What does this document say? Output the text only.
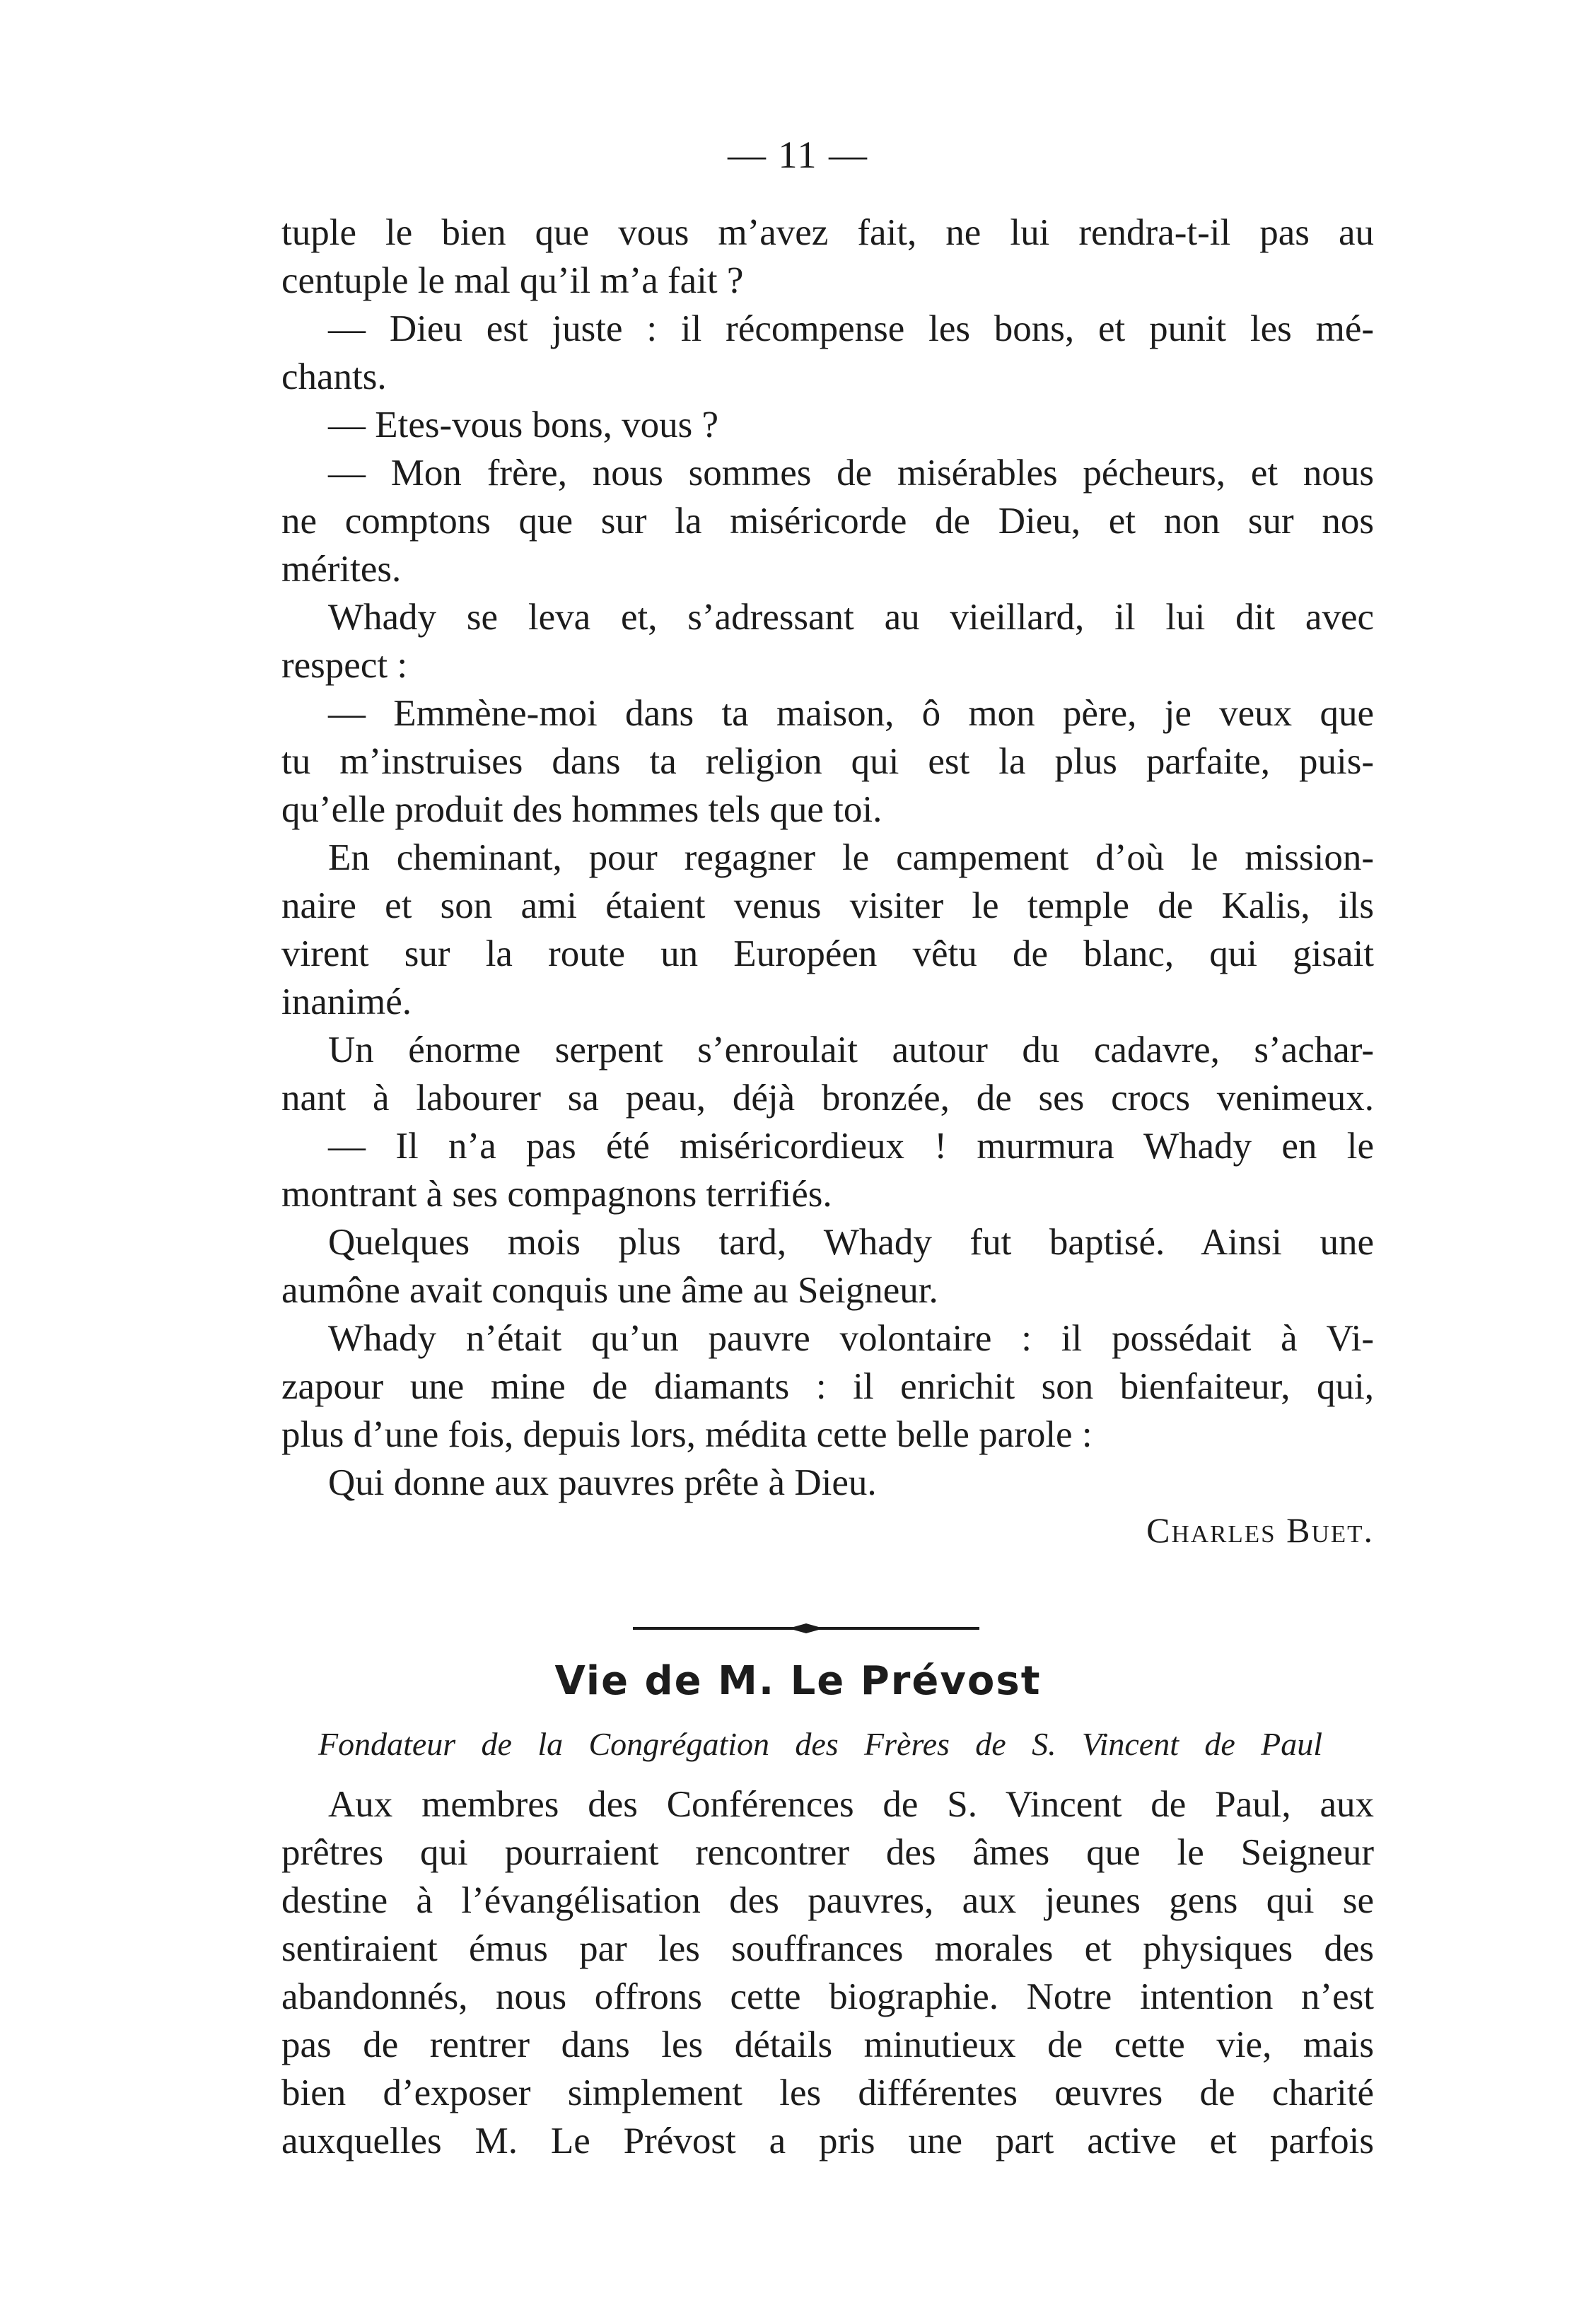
— 11 —
tuple le bien que vous m’avez fait, ne lui rendra-t-il pas au
centuple le mal qu’il m’a fait ?
— Dieu est juste : il récompense les bons, et punit les mé-
chants.
— Etes-vous bons, vous ?
— Mon frère, nous sommes de misérables pécheurs, et nous
ne comptons que sur la miséricorde de Dieu, et non sur nos
mérites.
Whady se leva et, s’adressant au vieillard, il lui dit avec
respect :
— Emmène-moi dans ta maison, ô mon père, je veux que
tu m’instruises dans ta religion qui est la plus parfaite, puis-
qu’elle produit des hommes tels que toi.
En cheminant, pour regagner le campement d’où le mission-
naire et son ami étaient venus visiter le temple de Kalis, ils
virent sur la route un Européen vêtu de blanc, qui gisait
inanimé.
Un énorme serpent s’enroulait autour du cadavre, s’achar-
nant à labourer sa peau, déjà bronzée, de ses crocs venimeux.
— Il n’a pas été miséricordieux ! murmura Whady en le
montrant à ses compagnons terrifiés.
Quelques mois plus tard, Whady fut baptisé. Ainsi une
aumône avait conquis une âme au Seigneur.
Whady n’était qu’un pauvre volontaire : il possédait à Vi-
zapour une mine de diamants : il enrichit son bienfaiteur, qui,
plus d’une fois, depuis lors, médita cette belle parole :
Qui donne aux pauvres prête à Dieu.
Charles Buet.
Vie de M. Le Prévost
Fondateur de la Congrégation des Frères de S. Vincent de Paul
Aux membres des Conférences de S. Vincent de Paul, aux
prêtres qui pourraient rencontrer des âmes que le Seigneur
destine à l’évangélisation des pauvres, aux jeunes gens qui se
sentiraient émus par les souffrances morales et physiques des
abandonnés, nous offrons cette biographie. Notre intention n’est
pas de rentrer dans les détails minutieux de cette vie, mais
bien d’exposer simplement les différentes œuvres de charité
auxquelles M. Le Prévost a pris une part active et parfois
